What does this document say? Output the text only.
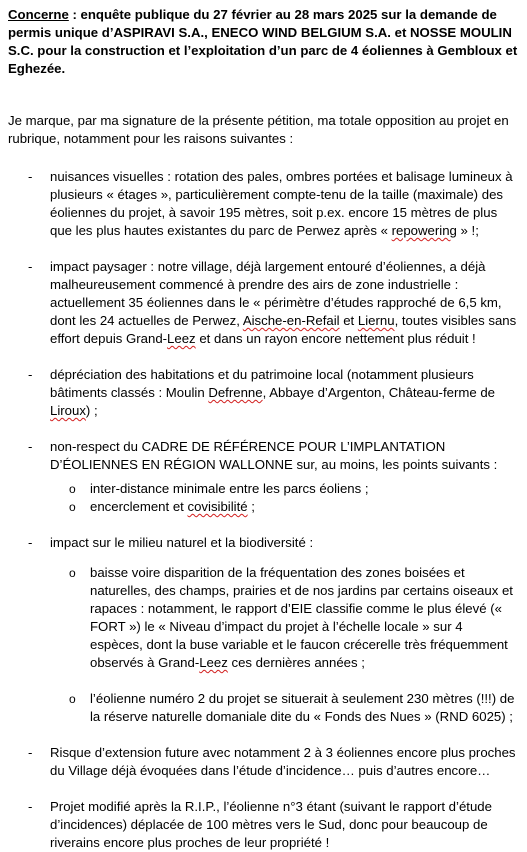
Concerne : enquête publique du 27 février au 28 mars 2025 sur la demande de permis unique d’ASPIRAVI S.A., ENECO WIND BELGIUM S.A. et NOSSE MOULIN S.C. pour la construction et l’exploitation d’un parc de 4 éoliennes à Gembloux et Eghezée.

Je marque, par ma signature de la présente pétition, ma totale opposition au projet en rubrique, notamment pour les raisons suivantes :

- nuisances visuelles : rotation des pales, ombres portées et balisage lumineux à plusieurs « étages », particulièrement compte-tenu de la taille (maximale) des éoliennes du projet, à savoir 195 mètres, soit p.ex. encore 15 mètres de plus que les plus hautes existantes du parc de Perwez après « repowering » !;
- impact paysager : notre village, déjà largement entouré d’éoliennes, a déjà malheureusement commencé à prendre des airs de zone industrielle : actuellement 35 éoliennes dans le « périmètre d’études rapproché de 6,5 km, dont les 24 actuelles de Perwez, Aische-en-Refail et Liernu, toutes visibles sans effort depuis Grand-Leez et dans un rayon encore nettement plus réduit !
- dépréciation des habitations et du patrimoine local (notamment plusieurs bâtiments classés : Moulin Defrenne, Abbaye d’Argenton, Château-ferme de Liroux) ;
- non-respect du CADRE DE RÉFÉRENCE POUR L’IMPLANTATION D’ÉOLIENNES EN RÉGION WALLONNE sur, au moins, les points suivants :
o inter-distance minimale entre les parcs éoliens ;
o encerclement et covisibilité ;
- impact sur le milieu naturel et la biodiversité :
o baisse voire disparition de la fréquentation des zones boisées et naturelles, des champs, prairies et de nos jardins par certains oiseaux et rapaces : notamment, le rapport d’EIE classifie comme le plus élevé (« FORT ») le « Niveau d’impact du projet à l’échelle locale » sur 4 espèces, dont la buse variable et le faucon crécerelle très fréquemment observés à Grand-Leez ces dernières années ;
o l’éolienne numéro 2 du projet se situerait à seulement 230 mètres (!!!) de la réserve naturelle domaniale dite du « Fonds des Nues » (RND 6025) ;
- Risque d’extension future avec notamment 2 à 3 éoliennes encore plus proches du Village déjà évoquées dans l’étude d’incidence… puis d’autres encore…
- Projet modifié après la R.I.P., l’éolienne n°3 étant (suivant le rapport d’étude d’incidences) déplacée de 100 mètres vers le Sud, donc pour beaucoup de riverains encore plus proches de leur propriété !
